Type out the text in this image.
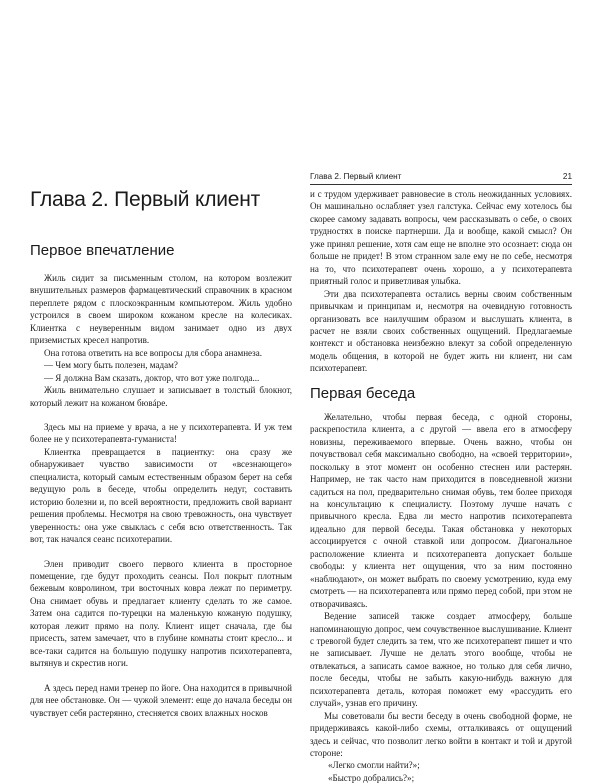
Глава 2. Первый клиент	21
Глава 2. Первый клиент
Первое впечатление

Жиль сидит за письменным столом, на котором возлежит внушительных размеров фармацевтический справочник в красном переплете рядом с плоскоэкранным компьютером. Жиль удобно устроился в своем широком кожаном кресле на колесиках. Клиентка с неуверенным видом занимает одно из двух приземистых кресел напротив.

Она готова ответить на все вопросы для сбора анамнеза.

— Чем могу быть полезен, мадам?

— Я должна Вам сказать, доктор, что вот уже полгода...

Жиль внимательно слушает и записывает в толстый блокнот, который лежит на кожаном бювáре.

Здесь мы на приеме у врача, а не у психотерапевта. И уж тем более не у психотерапевта-гуманиста!

Клиентка превращается в пациентку: она сразу же обнаруживает чувство зависимости от «всезнающего» специалиста, который самым естественным образом берет на себя ведущую роль в беседе, чтобы определить недуг, составить историю болезни и, по всей вероятности, предложить свой вариант решения проблемы. Несмотря на свою тревожность, она чувствует уверенность: она уже свыклась с себя всю ответственность. Так вот, так начался сеанс психотерапии.

Элен приводит своего первого клиента в просторное помещение, где будут проходить сеансы. Пол покрыт плотным бежевым ковролином, три восточных ковра лежат по периметру. Она снимает обувь и предлагает клиенту сделать то же самое. Затем она садится по-турецки на маленькую кожаную подушку, которая лежит прямо на полу. Клиент ищет сначала, где бы присесть, затем замечает, что в глубине комнаты стоит кресло... и все-таки садится на большую подушку напротив психотерапевта, вытянув и скрестив ноги.

А здесь перед нами тренер по йоге. Она находится в привычной для нее обстановке. Он — чужой элемент: еще до начала беседы он чувствует себя растерянно, стесняется своих влажных носков

и с трудом удерживает равновесие в столь неожиданных условиях. Он машинально ослабляет узел галстука. Сейчас ему хотелось бы скорее самому задавать вопросы, чем рассказывать о себе, о своих трудностях в поиске партнерши. Да и вообще, какой смысл? Он уже принял решение, хотя сам еще не вполне это осознает: сюда он больше не придет! В этом странном зале ему не по себе, несмотря на то, что психотерапевт очень хорошо, а у психотерапевта приятный голос и приветливая улыбка.

Эти два психотерапевта остались верны своим собственным привычкам и принципам и, несмотря на очевидную готовность организовать все наилучшим образом и выслушать клиента, в расчет не взяли своих собственных ощущений. Предлагаемые контекст и обстановка неизбежно влекут за собой определенную модель общения, в которой не будет жить ни клиент, ни сам психотерапевт.

Первая беседа

Желательно, чтобы первая беседа, с одной стороны, раскрепостила клиента, а с другой — ввела его в атмосферу новизны, переживаемого впервые. Очень важно, чтобы он почувствовал себя максимально свободно, на «своей территории», поскольку в этот момент он особенно стеснен или растерян. Например, не так часто нам приходится в повседневной жизни садиться на пол, предварительно снимая обувь, тем более приходя на консультацию к специалисту. Поэтому лучше начать с привычного кресла. Едва ли место напротив психотерапевта идеально для первой беседы. Такая обстановка у некоторых ассоциируется с очной ставкой или допросом. Диагональное расположение клиента и психотерапевта допускает больше свободы: у клиента нет ощущения, что за ним постоянно «наблюдают», он может выбрать по своему усмотрению, куда ему смотреть — на психотерапевта или прямо перед собой, при этом не отворачиваясь.

Ведение записей также создает атмосферу, больше напоминающую допрос, чем сочувственное выслушивание. Клиент с тревогой будет следить за тем, что же психотерапевт пишет и что не записывает. Лучше не делать этого вообще, чтобы не отвлекаться, а записать самое важное, но только для себя лично, после беседы, чтобы не забыть какую-нибудь важную для психотерапевта деталь, которая поможет ему «рассудить его случай», узнав его причину.

Мы советовали бы вести беседу в очень свободной форме, не придерживаясь какой-либо схемы, отталкиваясь от ощущений здесь и сейчас, что позволит легко войти в контакт и той и другой стороне:

«Легко смогли найти?»;

«Быстро добрались?»;
